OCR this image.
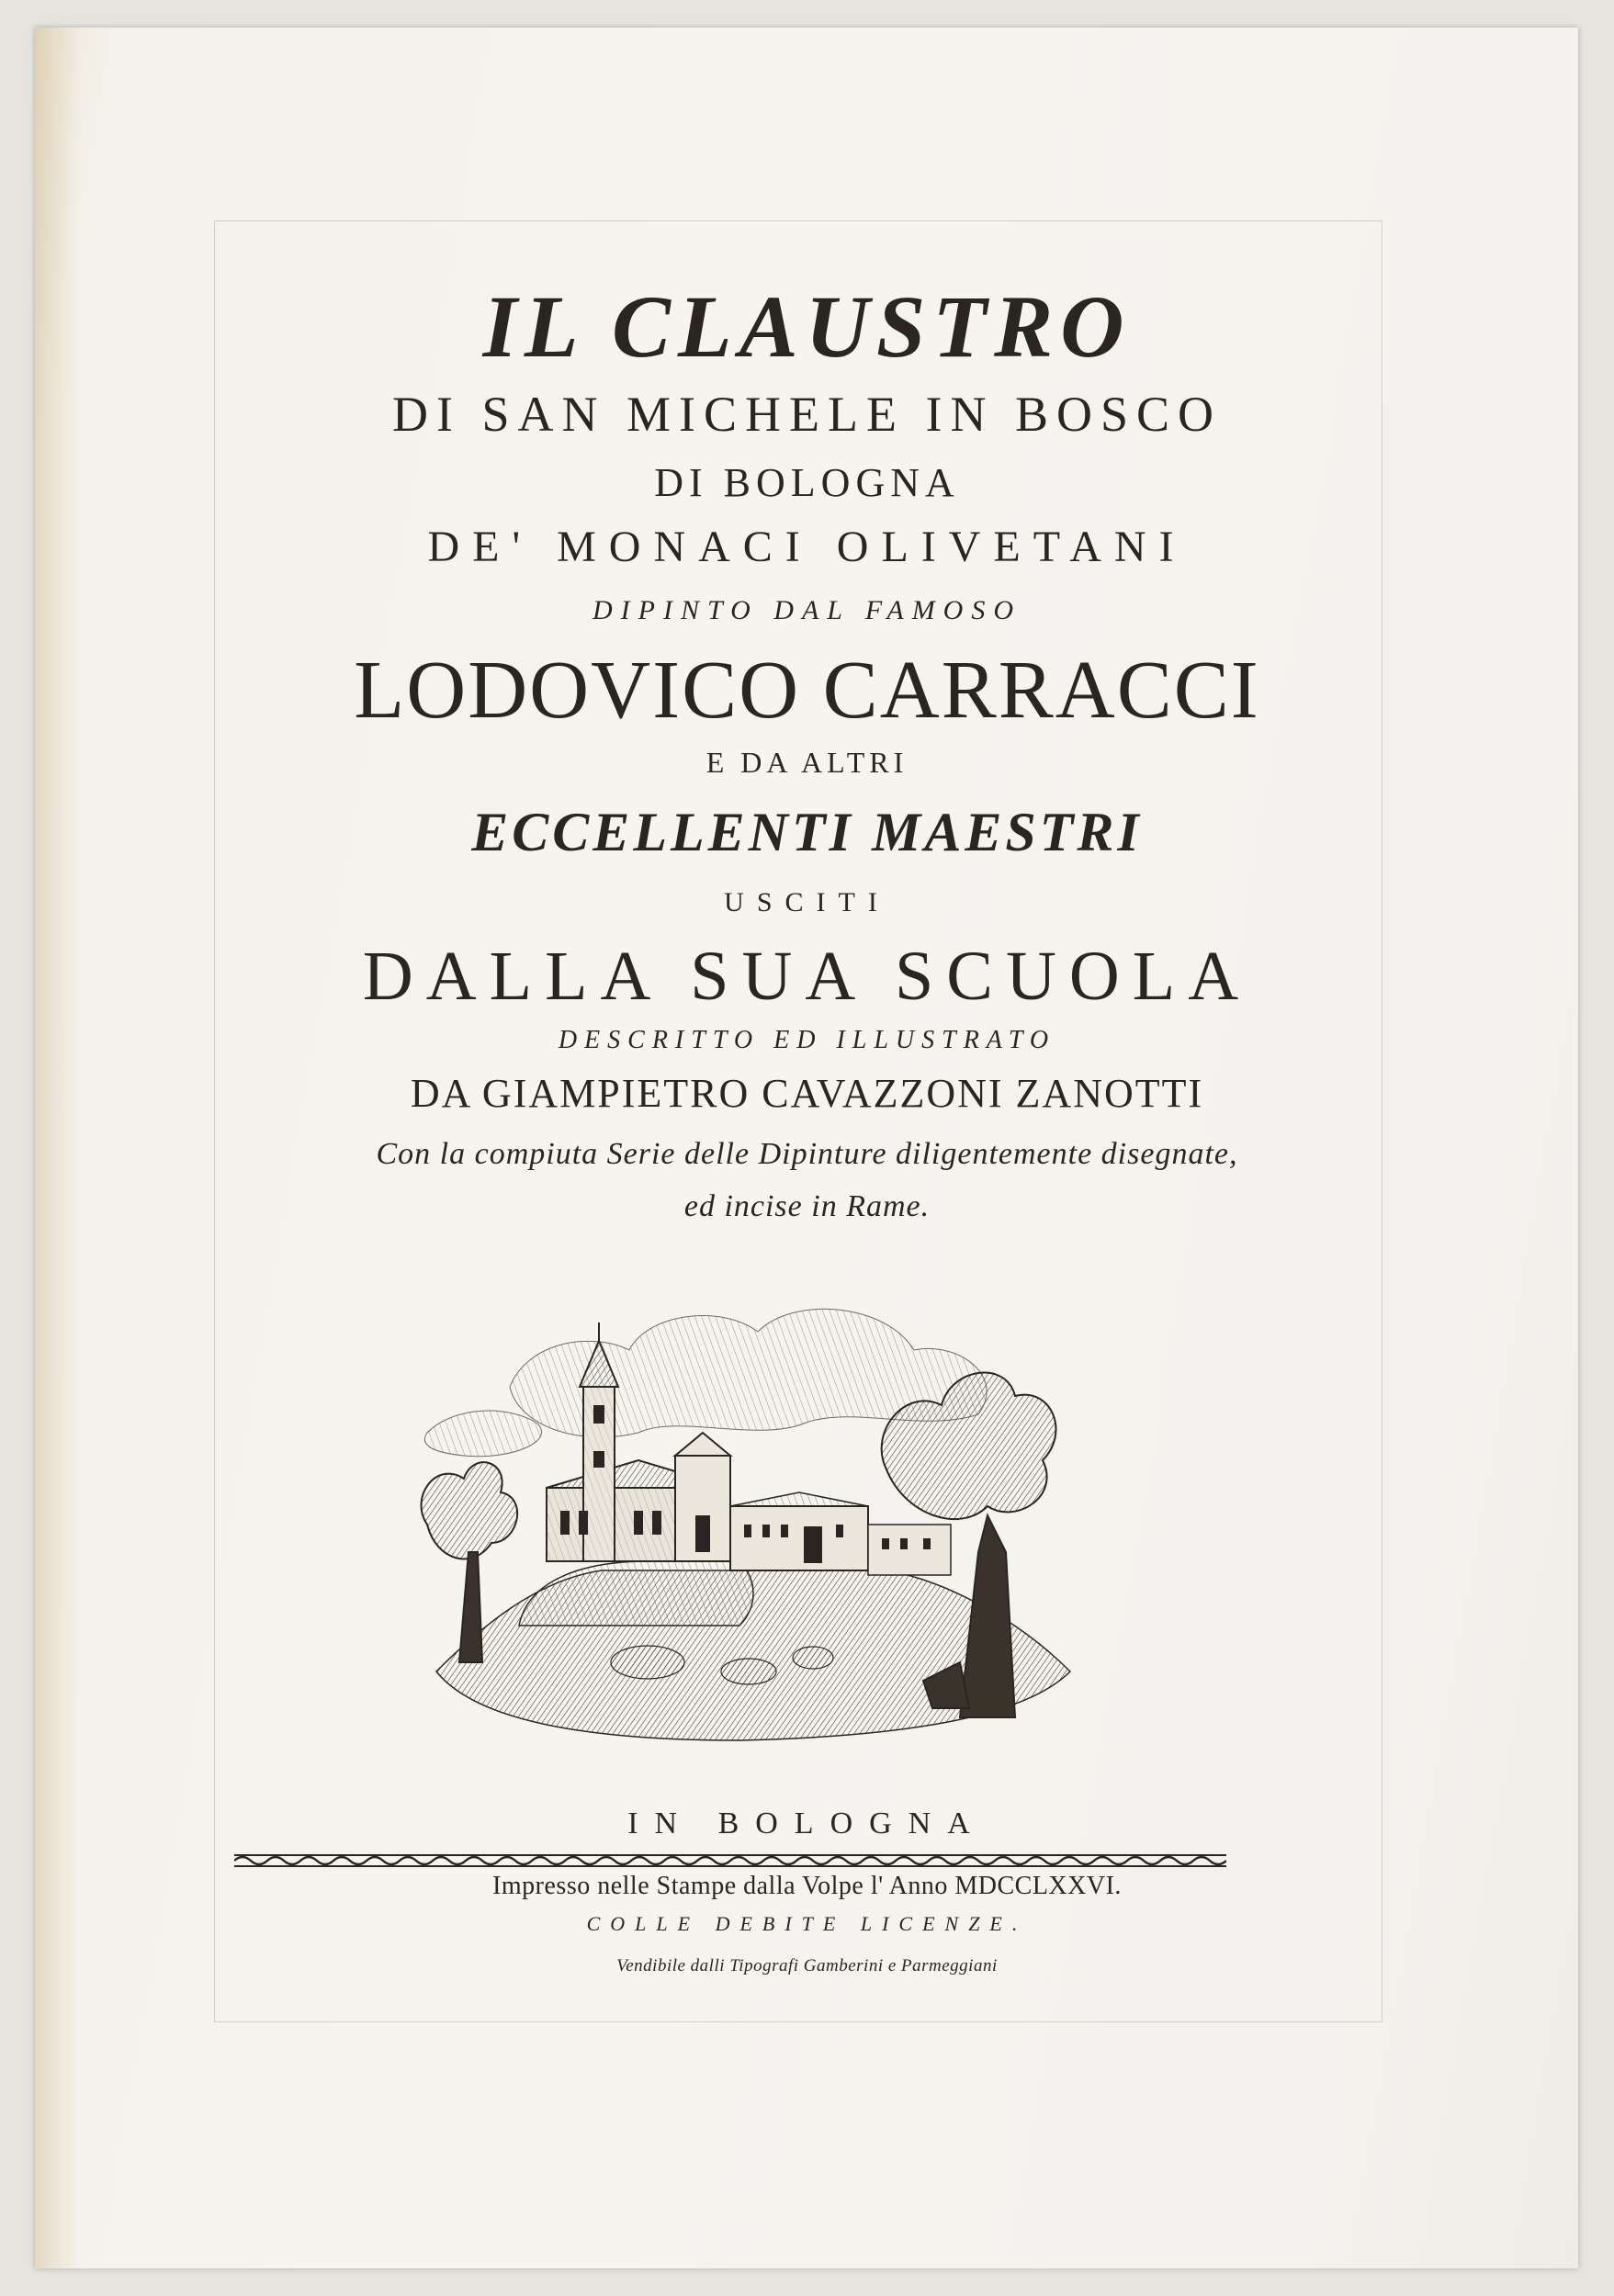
IL CLAUSTRO
DI SAN MICHELE IN BOSCO
DI BOLOGNA
DE' MONACI OLIVETANI
DIPINTO DAL FAMOSO
LODOVICO CARRACCI
E DA ALTRI
ECCELLENTI MAESTRI
USCITI
DALLA SUA SCUOLA
DESCRITTO ED ILLUSTRATO
DA GIAMPIETRO CAVAZZONI ZANOTTI
Con la compiuta Serie delle Dipinture diligentemente disegnate,
ed incise in Rame.
IN BOLOGNA
Impresso nelle Stampe dalla Volpe l' Anno MDCCLXXVI.
COLLE DEBITE LICENZE.
Vendibile dalli Tipografi Gamberini e Parmeggiani
